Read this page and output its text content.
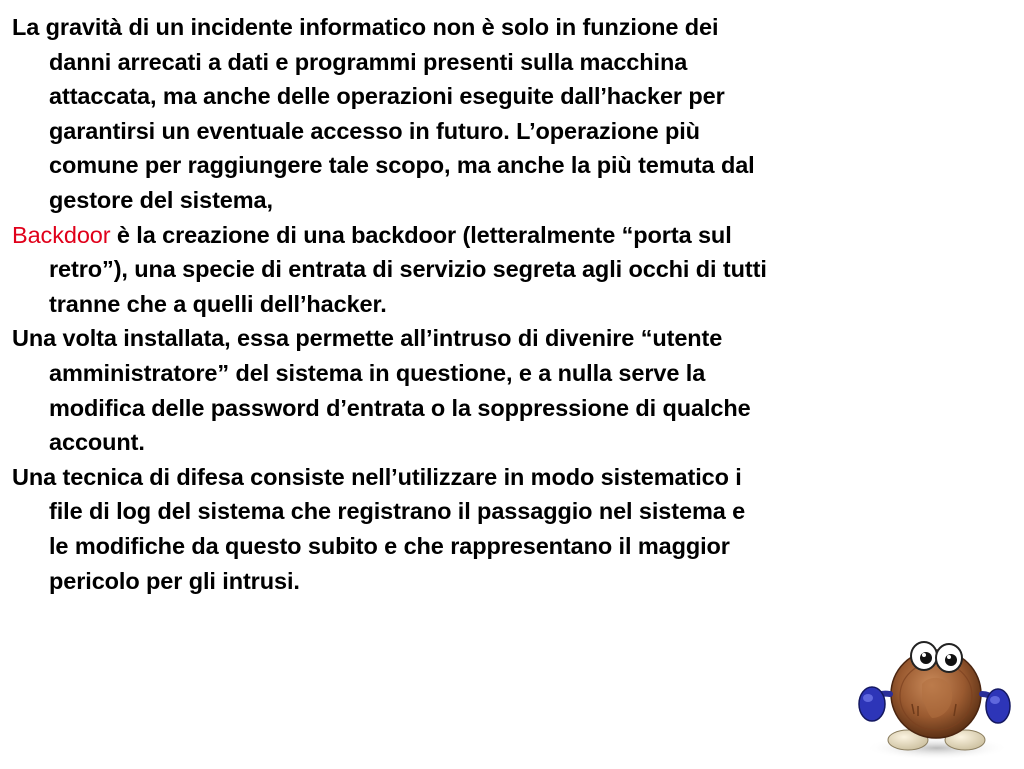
La gravità di un incidente informatico non è solo in funzione dei
danni arrecati a dati e programmi presenti sulla macchina
attaccata, ma anche delle operazioni eseguite dall’hacker per
garantirsi un eventuale accesso in futuro. L’operazione più
comune per raggiungere tale scopo, ma anche la più temuta dal
gestore del sistema,

Backdoor è la creazione di una backdoor (letteralmente “porta sul
retro”), una specie di entrata di servizio segreta agli occhi di tutti
tranne che a quelli dell’hacker.

Una volta installata, essa permette all’intruso di divenire “utente
amministratore” del sistema in questione, e a nulla serve la
modifica delle password d’entrata o la soppressione di qualche
account.

Una tecnica di difesa consiste nell’utilizzare in modo sistematico i
file di log del sistema che registrano il passaggio nel sistema e
le modifiche da questo subito e che rappresentano il maggior
pericolo per gli intrusi.
